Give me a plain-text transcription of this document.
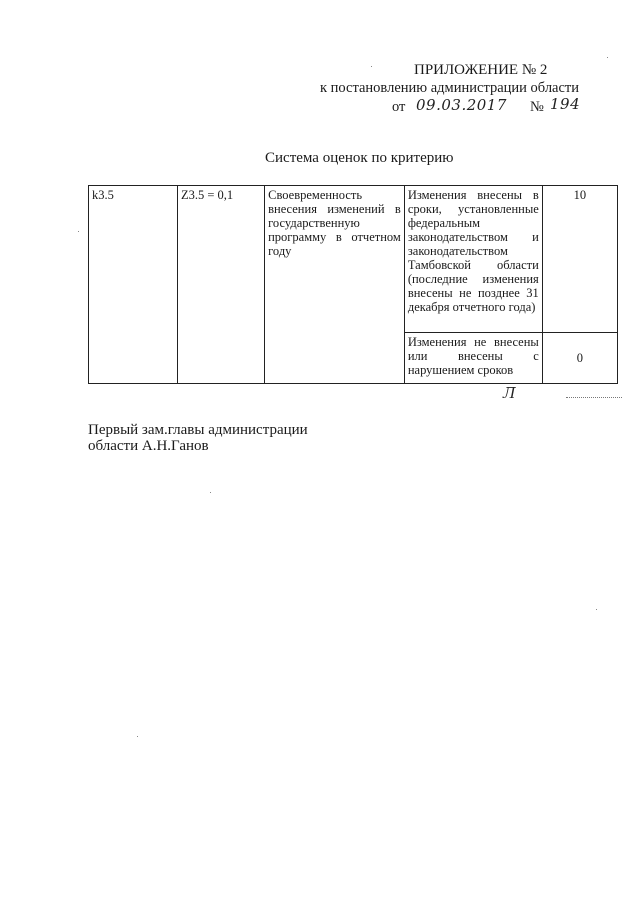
ПРИЛОЖЕНИЕ № 2
к постановлению администрации области
от 09.03.2017 № 194
Система оценок по критерию
k3.5	Z3.5 = 0,1	Своевременность внесения изменений в государственную программу в отчетном году	Изменения внесены в сроки, установленные федеральным законодательством и законодательством Тамбовской области (последние изменения внесены не позднее 31 декабря отчетного года)	10
			Изменения не внесены или внесены с нарушением сроков	0
Л
Первый зам.главы администрации
области А.Н.Ганов
